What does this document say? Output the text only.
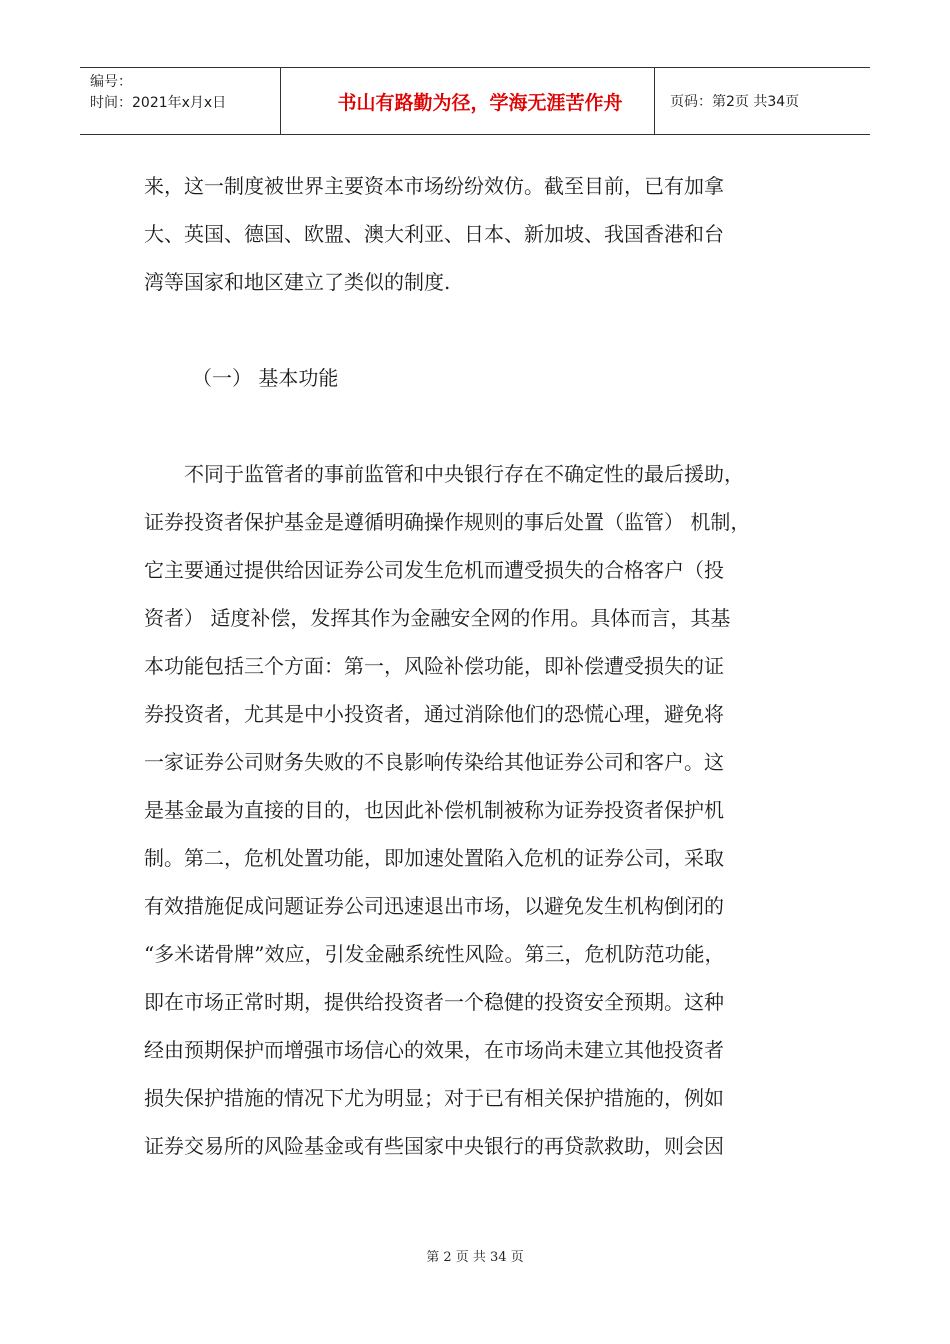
编号：
时间：2021年x月x日	书山有路勤为径，学海无涯苦作舟	页码：第2页 共34页
来，这一制度被世界主要资本市场纷纷效仿。截至目前，已有加拿
大、英国、德国、欧盟、澳大利亚、日本、新加坡、我国香港和台
湾等国家和地区建立了类似的制度.
（一） 基本功能
　　不同于监管者的事前监管和中央银行存在不确定性的最后援助，
证券投资者保护基金是遵循明确操作规则的事后处置（监管） 机制，
它主要通过提供给因证券公司发生危机而遭受损失的合格客户（投
资者） 适度补偿，发挥其作为金融安全网的作用。具体而言，其基
本功能包括三个方面：第一，风险补偿功能，即补偿遭受损失的证
券投资者，尤其是中小投资者，通过消除他们的恐慌心理，避免将
一家证券公司财务失败的不良影响传染给其他证券公司和客户。这
是基金最为直接的目的，也因此补偿机制被称为证券投资者保护机
制。第二，危机处置功能，即加速处置陷入危机的证券公司，采取
有效措施促成问题证券公司迅速退出市场，以避免发生机构倒闭的
“多米诺骨牌”效应，引发金融系统性风险。第三，危机防范功能，
即在市场正常时期，提供给投资者一个稳健的投资安全预期。这种
经由预期保护而增强市场信心的效果，在市场尚未建立其他投资者
损失保护措施的情况下尤为明显；对于已有相关保护措施的，例如
证券交易所的风险基金或有些国家中央银行的再贷款救助，则会因
第 2 页 共 34 页
